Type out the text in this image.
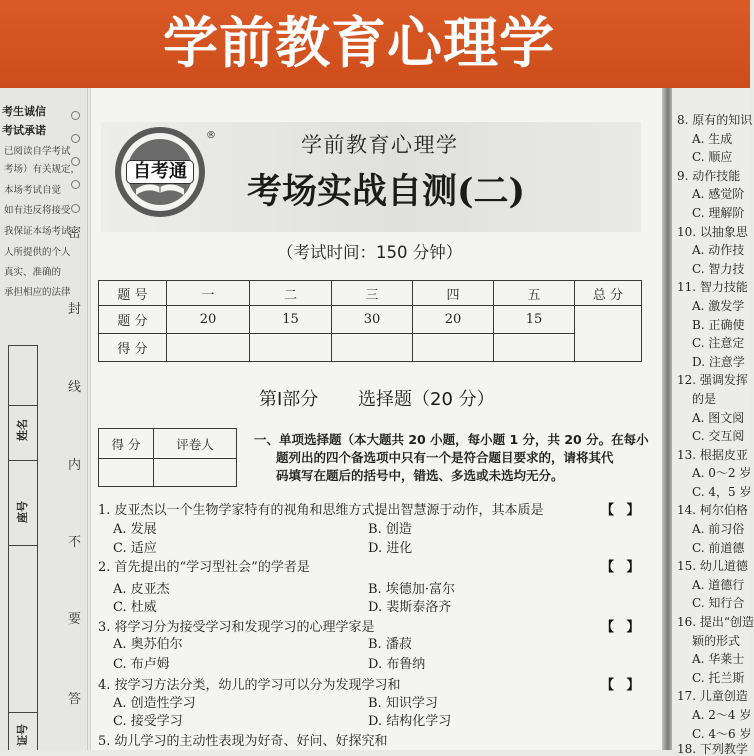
学前教育心理学
考生诚信
考试承诺
已阅读自学考试
考场）有关规定，
本场考试自觉
如有违反将接受
我保证本场考试
人所提供的个人
真实、准确的
承担相应的法律
密
封
线
内
不
要
答
姓名
座号
证号
自考通
®	学前教育心理学
考场实战自测(二)
（考试时间：150 分钟）
题 号	一	二	三	四	五	总 分
题 分	20	15	30	20	15	
得 分						
第Ⅰ部分 选择题（20 分）
得 分	评卷人
		一、单项选择题（本大题共 20 小题，每小题 1 分，共 20 分。在每小
题列出的四个备选项中只有一个是符合题目要求的，请将其代
码填写在题后的括号中，错选、多选或未选均无分。
1. 皮亚杰以一个生物学家特有的视角和思维方式提出智慧源于动作，其本质是	【 】
A. 发展	B. 创造
C. 适应	D. 进化
2. 首先提出的“学习型社会”的学者是	【 】
A. 皮亚杰	B. 埃德加·富尔
C. 杜威	D. 裴斯泰洛齐
3. 将学习分为接受学习和发现学习的心理学家是	【 】
A. 奥苏伯尔	B. 潘菽
C. 布卢姆	D. 布鲁纳
4. 按学习方法分类，幼儿的学习可以分为发现学习和	【 】
A. 创造性学习	B. 知识学习
C. 接受学习	D. 结构化学习
5. 幼儿学习的主动性表现为好奇、好问、好探究和
8. 原有的知识
A. 生成
C. 顺应
9. 动作技能
A. 感觉阶
C. 理解阶
10. 以抽象思
A. 动作技
C. 智力技
11. 智力技能
A. 激发学
B. 正确使
C. 注意定
D. 注意学
12. 强调发挥
的是
A. 图文阅
C. 交互阅
13. 根据皮亚
A. 0～2 岁
C. 4，5 岁
14. 柯尔伯格
A. 前习俗
C. 前道德
15. 幼儿道德
A. 道德行
C. 知行合
16. 提出“创造
颖的形式
A. 华莱士
C. 托兰斯
17. 儿童创造
A. 2～4 岁
C. 4～6 岁
18. 下列教学
